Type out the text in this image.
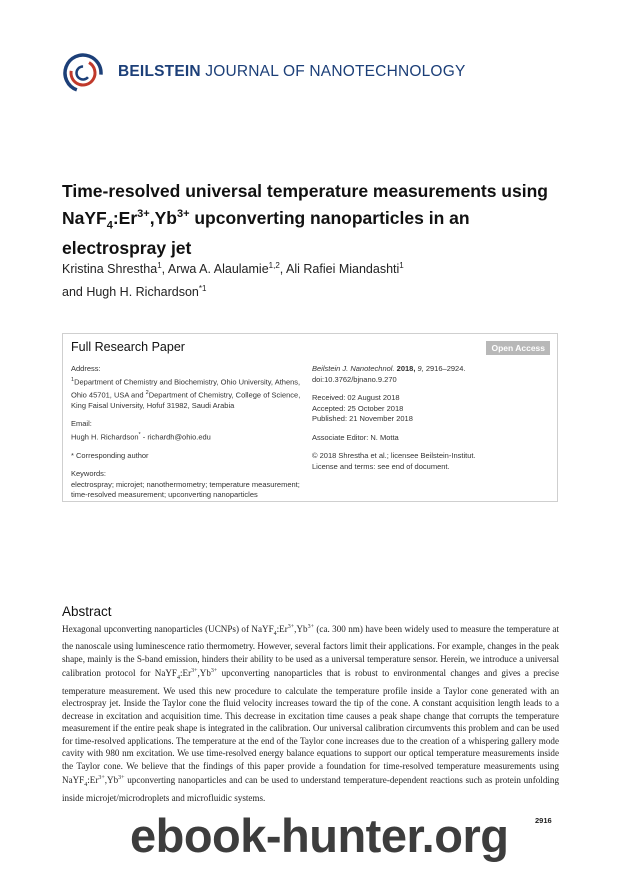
BEILSTEIN JOURNAL OF NANOTECHNOLOGY
Time-resolved universal temperature measurements using $NaYF_4:Er^{3+},Yb^{3+}$ upconverting nanoparticles in an electrospray jet
Kristina Shrestha$^1$, Arwa A. Alaulamie$^{1,2}$, Ali Rafiei Miandashti$^1$
and Hugh H. Richardson$^{*1}$
Full Research Paper	Open Access
Address:
$^1$Department of Chemistry and Biochemistry, Ohio University, Athens, Ohio 45701, USA and $^2$Department of Chemistry, College of Science, King Faisal University, Hofuf 31982, Saudi Arabia
Email:
Hugh H. Richardson* - richardh@ohio.edu
* Corresponding author
Keywords:
electrospray; microjet; nanothermometry; temperature measurement; time-resolved measurement; upconverting nanoparticles
Beilstein J. Nanotechnol. 2018, 9, 2916–2924.
doi:10.3762/bjnano.9.270
Received: 02 August 2018
Accepted: 25 October 2018
Published: 21 November 2018
Associate Editor: N. Motta
© 2018 Shrestha et al.; licensee Beilstein-Institut.
License and terms: see end of document.
Abstract
Hexagonal upconverting nanoparticles (UCNPs) of $NaYF_4:Er^{3+},Yb^{3+}$ (ca. 300 nm) have been widely used to measure the temperature at the nanoscale using luminescence ratio thermometry. However, several factors limit their applications. For example, changes in the peak shape, mainly is the S-band emission, hinders their ability to be used as a universal temperature sensor. Herein, we introduce a universal calibration protocol for $NaYF_4:Er^{3+},Yb^{3+}$ upconverting nanoparticles that is robust to environmental changes and gives a precise temperature measurement. We used this new procedure to calculate the temperature profile inside a Taylor cone generated with an electrospray jet. Inside the Taylor cone the fluid velocity increases toward the tip of the cone. A constant acquisition length leads to a decrease in excitation and acquisition time. This decrease in excitation time causes a peak shape change that corrupts the temperature measurement if the entire peak shape is integrated in the calibration. Our universal calibration circumvents this problem and can be used for time-resolved applications. The temperature at the end of the Taylor cone increases due to the creation of a whispering gallery mode cavity with 980 nm excitation. We use time-resolved energy balance equations to support our optical temperature measurements inside the Taylor cone. We believe that the findings of this paper provide a foundation for time-resolved temperature measurements using $NaYF_4:Er^{3+},Yb^{3+}$ upconverting nanoparticles and can be used to understand temperature-dependent reactions such as protein unfolding inside microjet/microdroplets and microfluidic systems.
2916
ebook-hunter.org
